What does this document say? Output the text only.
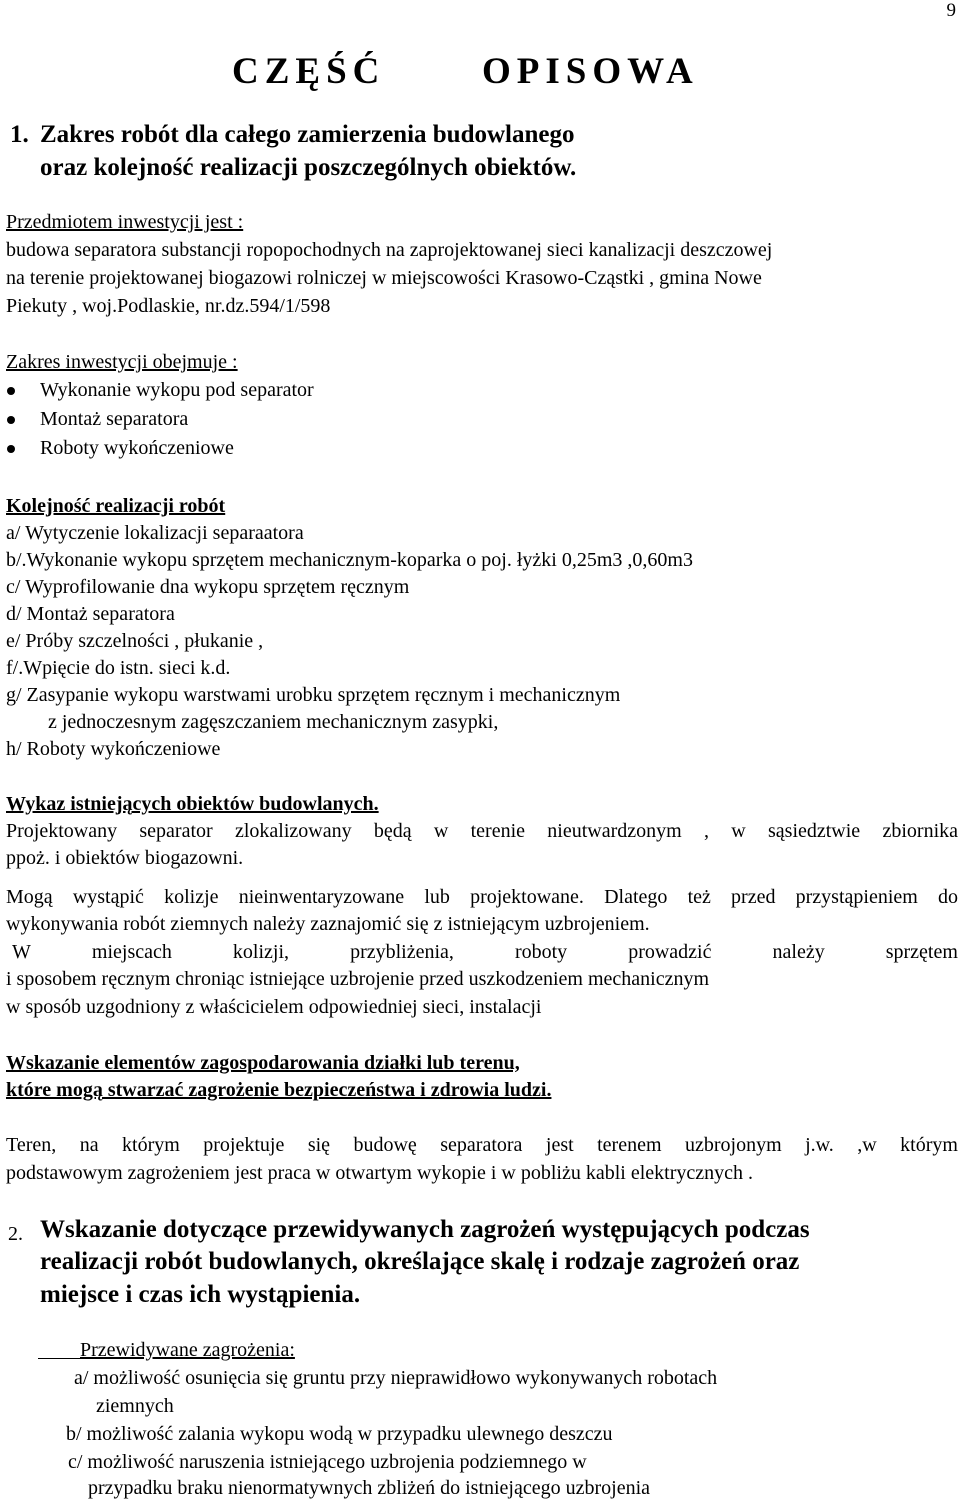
9
CZĘŚĆ	OPISOWA
1. Zakres robót dla całego zamierzenia budowlanego
oraz kolejność realizacji poszczególnych obiektów.
Przedmiotem inwestycji jest :
budowa separatora substancji ropopochodnych na zaprojektowanej sieci kanalizacji deszczowej
na terenie projektowanej biogazowi rolniczej w miejscowości Krasowo-Cząstki , gmina Nowe
Piekuty , woj.Podlaskie, nr.dz.594/1/598
Zakres inwestycji obejmuje :
Wykonanie wykopu pod separator
Montaż separatora
Roboty wykończeniowe
Kolejność realizacji robót
a/ Wytyczenie lokalizacji separaatora
b/.Wykonanie wykopu sprzętem mechanicznym-koparka o poj. łyżki 0,25m3 ,0,60m3
c/ Wyprofilowanie dna wykopu sprzętem ręcznym
d/ Montaż separatora
e/ Próby szczelności , płukanie ,
f/.Wpięcie do istn. sieci k.d.
g/ Zasypanie wykopu warstwami urobku sprzętem ręcznym i mechanicznym
z jednoczesnym zagęszczaniem mechanicznym zasypki,
h/ Roboty wykończeniowe
Wykaz istniejących obiektów budowlanych.
Projektowany separator zlokalizowany będą w terenie nieutwardzonym , w sąsiedztwie zbiornika
ppoż. i obiektów biogazowni.
Mogą wystąpić kolizje nieinwentaryzowane lub projektowane. Dlatego też przed przystąpieniem do
wykonywania robót ziemnych należy zaznajomić się z istniejącym uzbrojeniem.
W	miejscach	kolizji,	przybliżenia,	roboty	prowadzić	należy	sprzętem
i sposobem ręcznym chroniąc istniejące uzbrojenie przed uszkodzeniem mechanicznym
w sposób uzgodniony z właścicielem odpowiedniej sieci, instalacji
Wskazanie elementów zagospodarowania działki lub terenu,
które mogą stwarzać zagrożenie bezpieczeństwa i zdrowia ludzi.
Teren, na którym projektuje się budowę separatora jest terenem uzbrojonym j.w. ,w którym
podstawowym zagrożeniem jest praca w otwartym wykopie i w pobliżu kabli elektrycznych .
2. Wskazanie dotyczące przewidywanych zagrożeń występujących podczas
realizacji robót budowlanych, określające skalę i rodzaje zagrożeń oraz
miejsce i czas ich wystąpienia.
Przewidywane zagrożenia:
a/ możliwość osunięcia się gruntu przy nieprawidłowo wykonywanych robotach
ziemnych
b/ możliwość zalania wykopu wodą w przypadku ulewnego deszczu
c/ możliwość naruszenia istniejącego uzbrojenia podziemnego w
przypadku braku nienormatywnych zbliżeń do istniejącego uzbrojenia
